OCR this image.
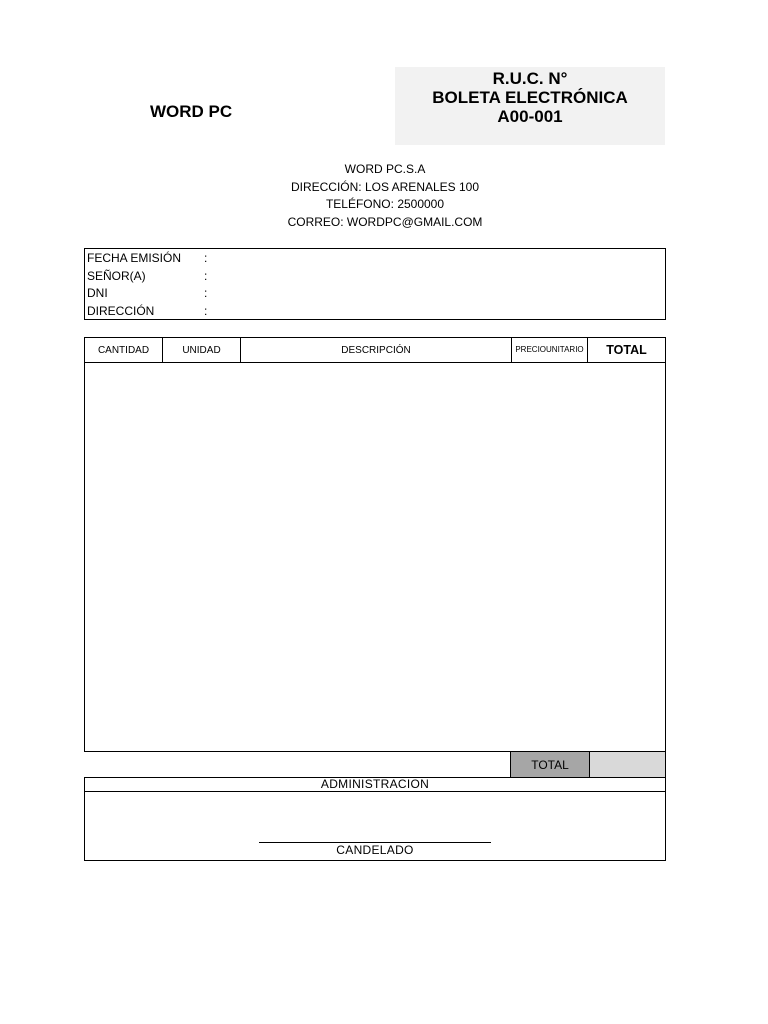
WORD PC
R.U.C. N°
BOLETA ELECTRÓNICA
A00-001
WORD PC.S.A
DIRECCIÓN: LOS ARENALES 100
TELÉFONO: 2500000
CORREO: WORDPC@GMAIL.COM
FECHA EMISIÓN :
SEÑOR(A)	:
DNI	:
DIRECCIÓN	:
CANTIDAD	UNIDAD	DESCRIPCIÓN	PRECIO UNITARIO	TOTAL
TOTAL
ADMINISTRACION
CANDELADO
